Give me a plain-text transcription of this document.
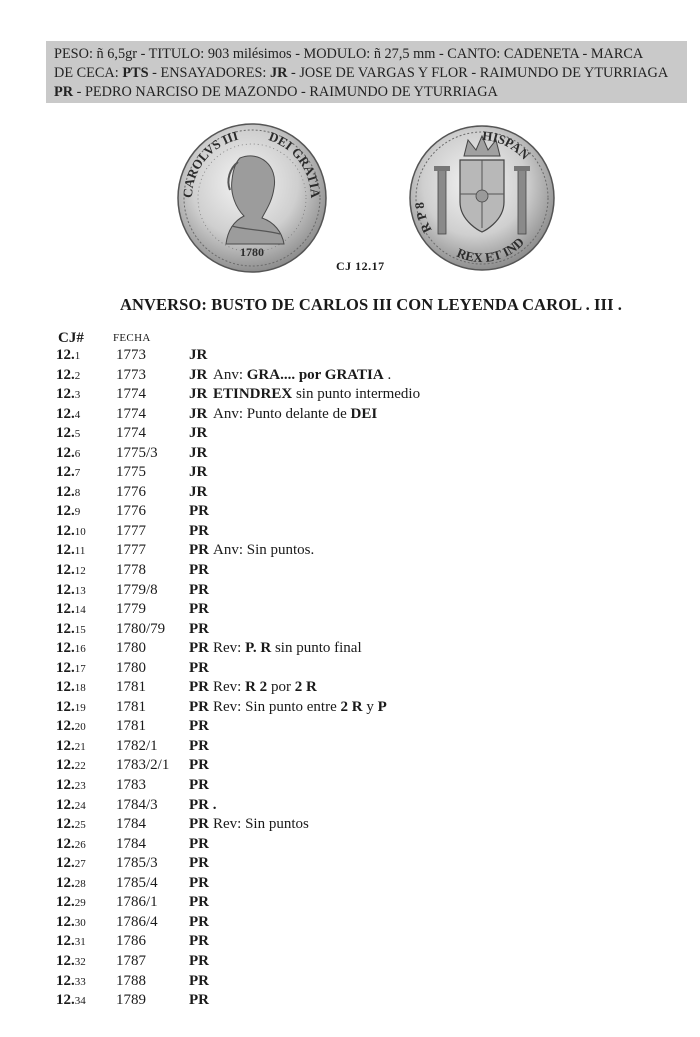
PESO: ñ 6,5gr - TITULO: 903 milésimos - MODULO: ñ 27,5 mm - CANTO: CADENETA - MARCA
DE CECA: PTS - ENSAYADORES: JR - JOSE DE VARGAS Y FLOR - RAIMUNDO DE YTURRIAGA
PR - PEDRO NARCISO DE MAZONDO - RAIMUNDO DE YTURRIAGA
CAROLVS III DEI GRATIA
1780
R P 8
HISPAN
REX ET IND
CJ 12.17
ANVERSO: BUSTO DE CARLOS III CON LEYENDA CAROL . III .
CJ#	FECHA
12.1 1773	JR
12.2 1773	JR Anv: GRA.... por GRATIA .
12.3 1774	JR ETINDREX sin punto intermedio
12.4 1774	JR Anv: Punto delante de DEI
12.5 1774	JR
12.6 1775/3 JR
12.7 1775	JR
12.8 1776	JR
12.9 1776	PR
12.10 1777	PR
12.11 1777	PR Anv: Sin puntos.
12.12 1778	PR
12.13 1779/8 PR
12.14 1779	PR
12.15 1780/79 PR
12.16 1780	PR Rev: P. R sin punto final
12.17 1780	PR
12.18 1781	PR Rev: R 2 por 2 R
12.19 1781	PR Rev: Sin punto entre 2 R y P
12.20 1781	PR
12.21 1782/1 PR
12.22 1783/2/1 PR
12.23 1783	PR
12.24 1784/3 PR .
12.25 1784	PR Rev: Sin puntos
12.26 1784	PR
12.27 1785/3 PR
12.28 1785/4 PR
12.29 1786/1 PR
12.30 1786/4 PR
12.31 1786	PR
12.32 1787	PR
12.33 1788	PR
12.34 1789	PR
